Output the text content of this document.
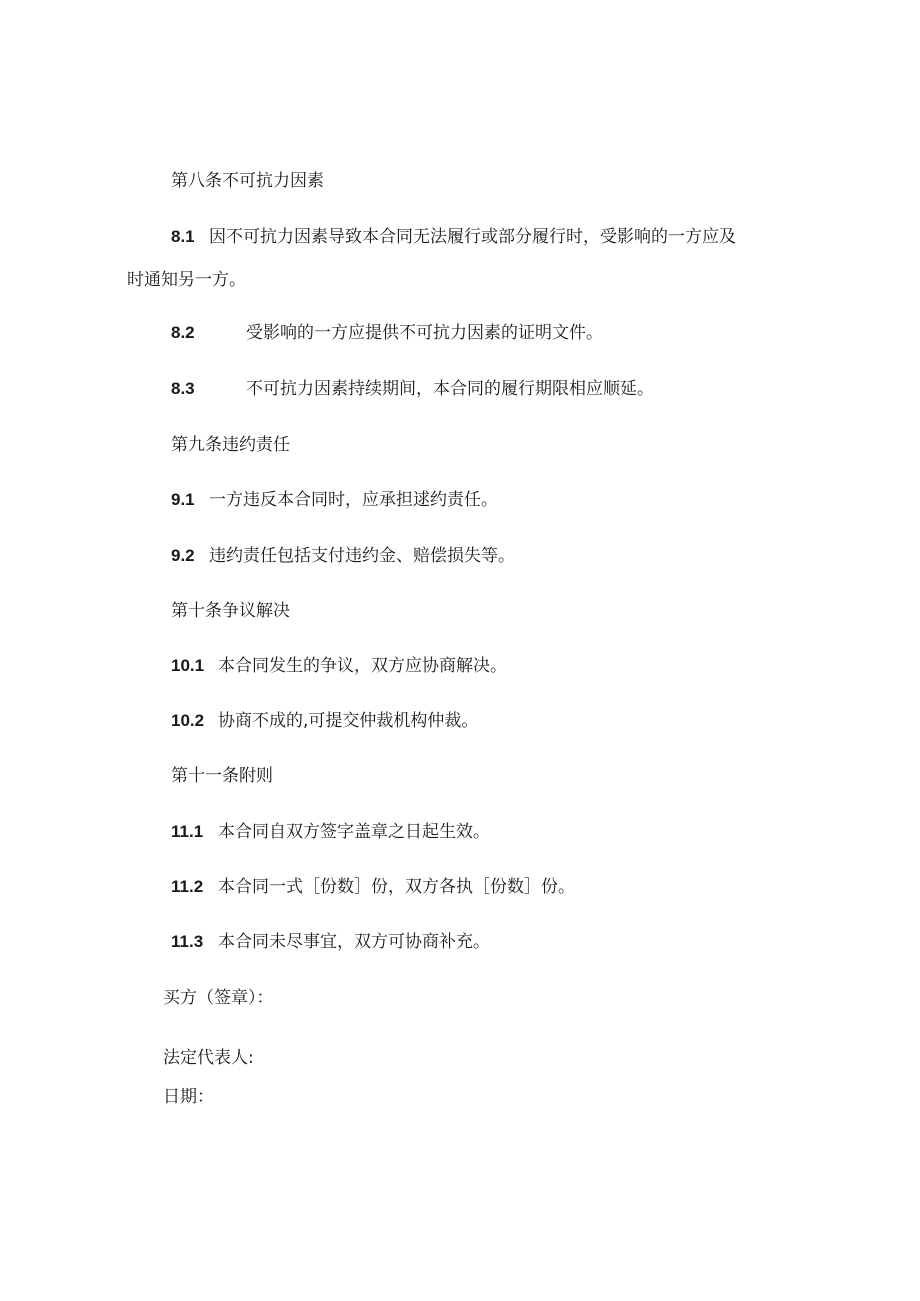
第八条不可抗力因素
8.1 因不可抗力因素导致本合同无法履行或部分履行时，受影响的一方应及
时通知另一方。
8.2	受影响的一方应提供不可抗力因素的证明文件。
8.3	不可抗力因素持续期间，本合同的履行期限相应顺延。
第九条违约责任
9.1 一方违反本合同时，应承担逑约责任。
9.2 违约责任包括支付违约金、赔偿损失等。
第十条争议解决
10.1 本合同发生的争议，双方应协商解决。
10.2 协商不成的,可提交仲裁机构仲裁。
第十一条附则
11.1 本合同自双方签字盖章之日起生效。
11.2 本合同一式［份数］份，双方各执［份数］份。
11.3 本合同未尽事宜，双方可协商补充。
买方（签章）：
法定代表人:
日期：
